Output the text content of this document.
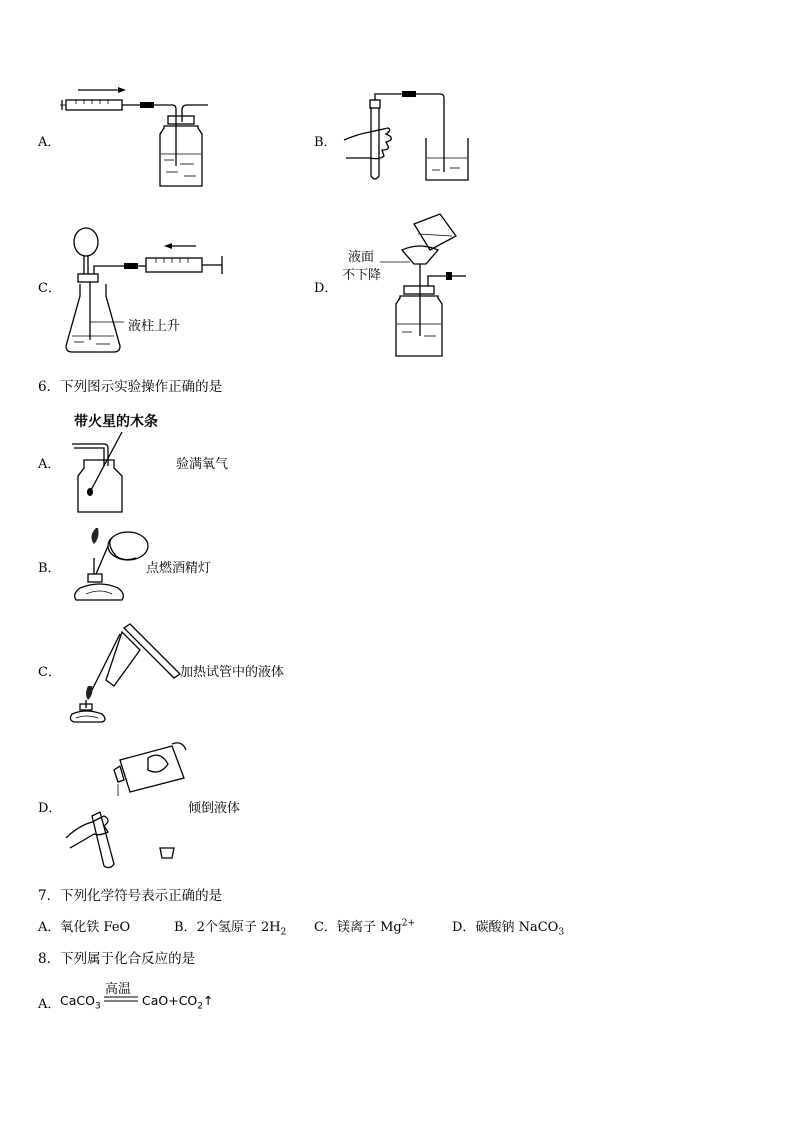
A．	B．
C．
液柱上升
D．
液面
不下降
6．下列图示实验操作正确的是
A．
带火星的木条
验满氧气
B．	点燃酒精灯
C．	加热试管中的液体
D．	倾倒液体
7．下列化学符号表示正确的是
A．氧化铁 FeO	B．2个氢原子 $2H_2$ C．镁离子 $Mg^{2+}$	D．碳酸钠 NaCO$_3$
8．下列属于化合反应的是
A． CaCO$_3$
高温
$CaO+CO_2↑$
